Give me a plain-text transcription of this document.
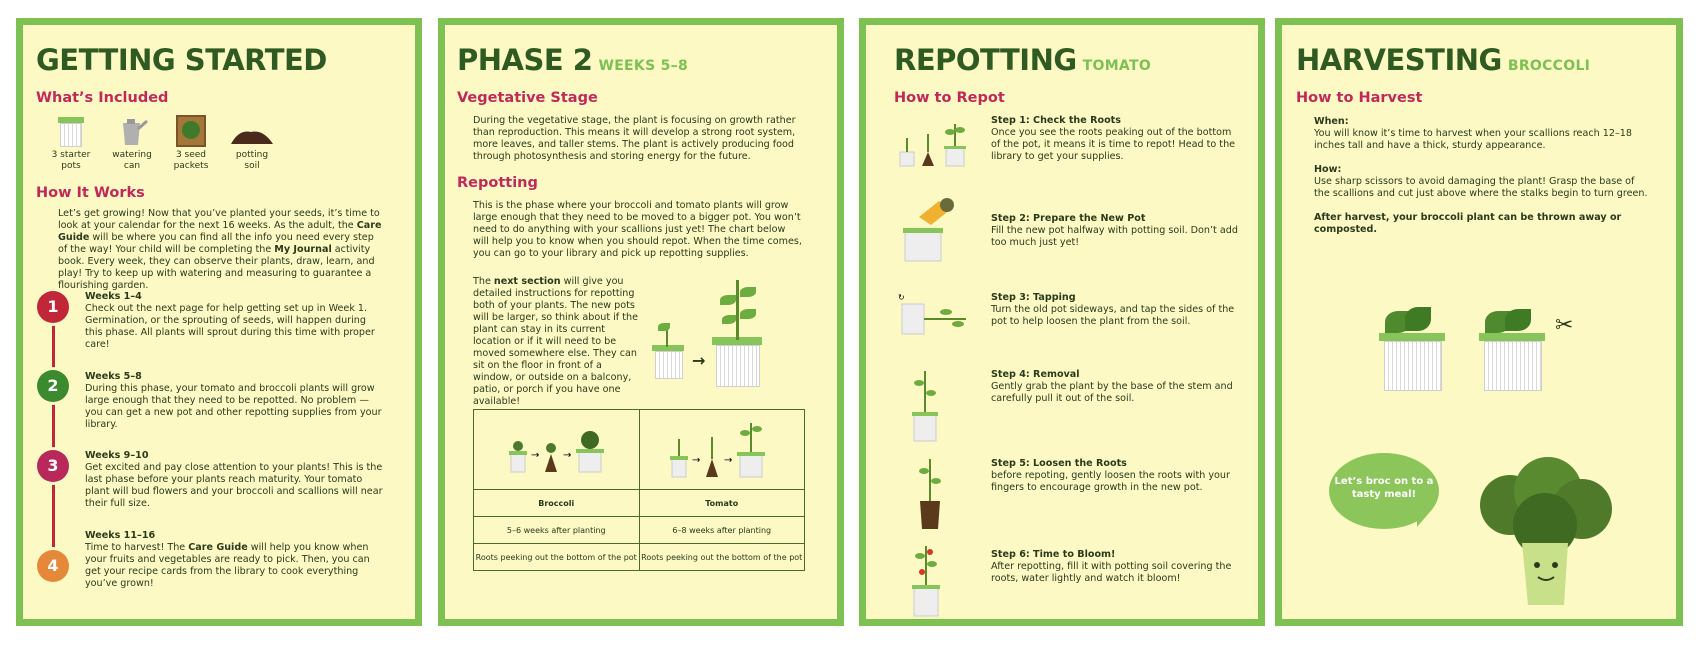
GETTING STARTED
What’s Included
3 starter
pots
watering
can
3 seed
packets
potting
soil
How It Works
Let’s get growing! Now that you’ve planted your seeds, it’s time to look at your calendar for the next 16 weeks. As the adult, the Care Guide will be where you can find all the info you need every step of the way! Your child will be completing the My Journal activity book. Every week, they can observe their plants, draw, learn, and play! Try to keep up with watering and measuring to guarantee a flourishing garden.
1
2
3
4
Weeks 1–4
Check out the next page for help getting set up in Week 1. Germination, or the sprouting of seeds, will happen during this phase. All plants will sprout during this time with proper care!
Weeks 5–8
During this phase, your tomato and broccoli plants will grow large enough that they need to be repotted. No problem — you can get a new pot and other repotting supplies from your library.
Weeks 9–10
Get excited and pay close attention to your plants! This is the last phase before your plants reach maturity. Your tomato plant will bud flowers and your broccoli and scallions will near their full size.
Weeks 11–16
Time to harvest! The Care Guide will help you know when your fruits and vegetables are ready to pick. Then, you can get your recipe cards from the library to cook everything you’ve grown!
PHASE 2 WEEKS 5–8
Vegetative Stage
During the vegetative stage, the plant is focusing on growth rather than reproduction. This means it will develop a strong root system, more leaves, and taller stems. The plant is actively producing food through photosynthesis and storing energy for the future.
Repotting
This is the phase where your broccoli and tomato plants will grow large enough that they need to be moved to a bigger pot. You won’t need to do anything with your scallions just yet! The chart below will help you to know when you should repot. When the time comes, you can go to your library and pick up repotting supplies.
The next section will give you detailed instructions for repotting both of your plants. The new pots will be larger, so think about if the plant can stay in its current location or if it will need to be moved somewhere else. They can sit on the floor in front of a window, or outside on a balcony, patio, or porch if you have one available!
→
→ →	→ →

Broccoli	Tomato
5–6 weeks after planting	6–8 weeks after planting
Roots peeking out the bottom of the pot	Roots peeking out the bottom of the pot
REPOTTING TOMATO
How to Repot
↻
Step 1: Check the Roots
Once you see the roots peaking out of the bottom of the pot, it means it is time to repot! Head to the library to get your supplies.
Step 2: Prepare the New Pot
Fill the new pot halfway with potting soil. Don’t add too much just yet!
Step 3: Tapping
Turn the old pot sideways, and tap the sides of the pot to help loosen the plant from the soil.
Step 4: Removal
Gently grab the plant by the base of the stem and carefully pull it out of the soil.
Step 5: Loosen the Roots
before repoting, gently loosen the roots with your fingers to encourage growth in the new pot.
Step 6: Time to Bloom!
After repotting, fill it with potting soil covering the roots, water lightly and watch it bloom!
HARVESTING BROCCOLI
How to Harvest
When:
You will know it’s time to harvest when your scallions reach 12–18 inches tall and have a thick, sturdy appearance.
How:
Use sharp scissors to avoid damaging the plant! Grasp the base of the scallions and cut just above where the stalks begin to turn green.
After harvest, your broccoli plant can be thrown away or composted.
✂
Let’s broc on to a tasty meal!
